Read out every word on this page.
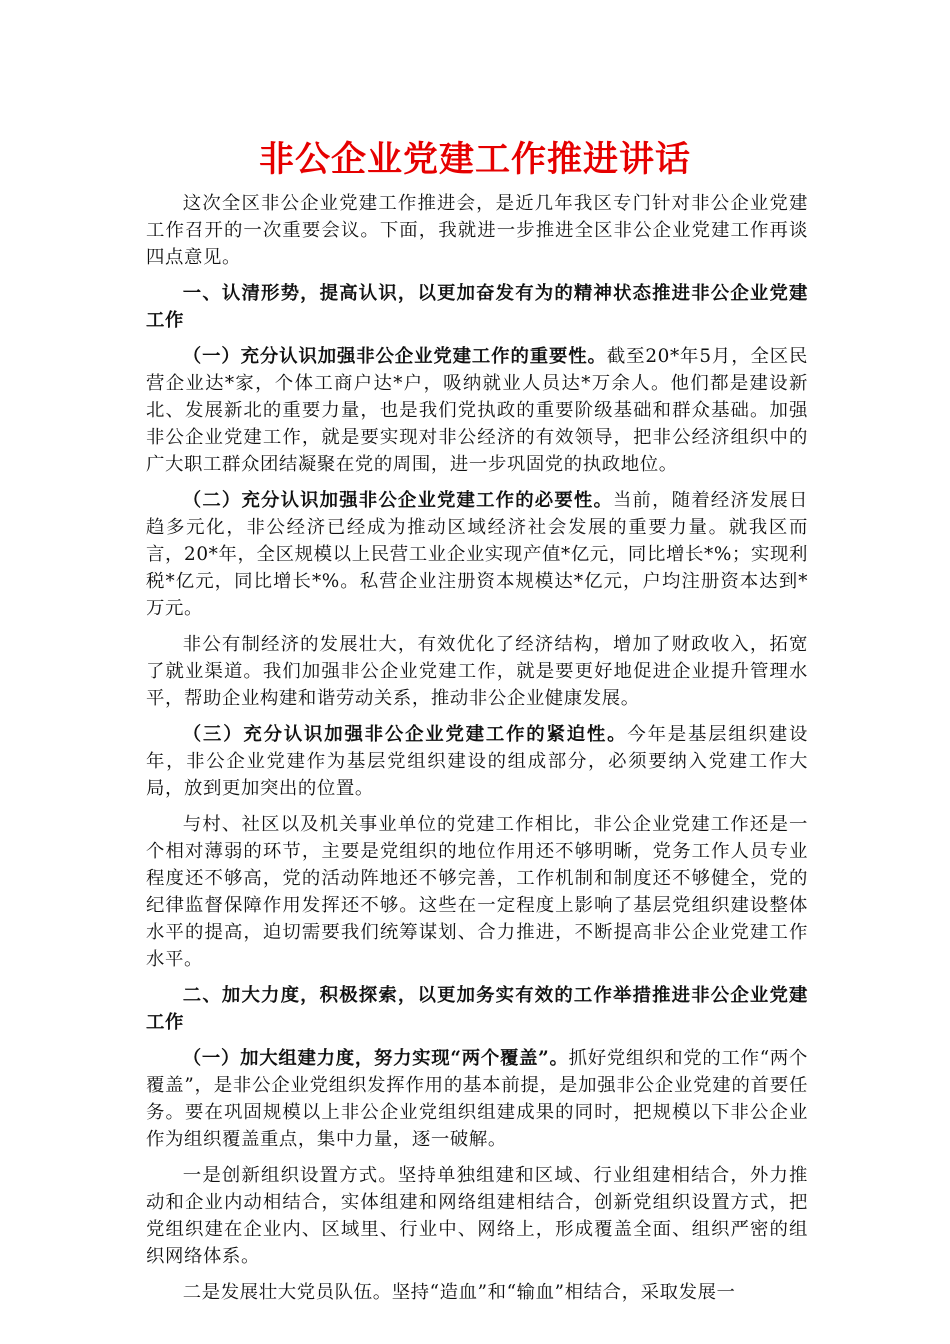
非公企业党建工作推进讲话

这次全区非公企业党建工作推进会，是近几年我区专门针对非公企业党建工作召开的一次重要会议。下面，我就进一步推进全区非公企业党建工作再谈四点意见。

一、认清形势，提高认识，以更加奋发有为的精神状态推进非公企业党建工作

（一）充分认识加强非公企业党建工作的重要性。截至20*年5月，全区民营企业达*家，个体工商户达*户，吸纳就业人员达*万余人。他们都是建设新北、发展新北的重要力量，也是我们党执政的重要阶级基础和群众基础。加强非公企业党建工作，就是要实现对非公经济的有效领导，把非公经济组织中的广大职工群众团结凝聚在党的周围，进一步巩固党的执政地位。

（二）充分认识加强非公企业党建工作的必要性。当前，随着经济发展日趋多元化，非公经济已经成为推动区域经济社会发展的重要力量。就我区而言，20*年，全区规模以上民营工业企业实现产值*亿元，同比增长*%；实现利税*亿元，同比增长*%。私营企业注册资本规模达*亿元，户均注册资本达到*万元。

非公有制经济的发展壮大，有效优化了经济结构，增加了财政收入，拓宽了就业渠道。我们加强非公企业党建工作，就是要更好地促进企业提升管理水平，帮助企业构建和谐劳动关系，推动非公企业健康发展。

（三）充分认识加强非公企业党建工作的紧迫性。今年是基层组织建设年，非公企业党建作为基层党组织建设的组成部分，必须要纳入党建工作大局，放到更加突出的位置。

与村、社区以及机关事业单位的党建工作相比，非公企业党建工作还是一个相对薄弱的环节，主要是党组织的地位作用还不够明晰，党务工作人员专业程度还不够高，党的活动阵地还不够完善，工作机制和制度还不够健全，党的纪律监督保障作用发挥还不够。这些在一定程度上影响了基层党组织建设整体水平的提高，迫切需要我们统筹谋划、合力推进，不断提高非公企业党建工作水平。

二、加大力度，积极探索，以更加务实有效的工作举措推进非公企业党建工作

（一）加大组建力度，努力实现“两个覆盖”。抓好党组织和党的工作“两个覆盖”，是非公企业党组织发挥作用的基本前提，是加强非公企业党建的首要任务。要在巩固规模以上非公企业党组织组建成果的同时，把规模以下非公企业作为组织覆盖重点，集中力量，逐一破解。

一是创新组织设置方式。坚持单独组建和区域、行业组建相结合，外力推动和企业内动相结合，实体组建和网络组建相结合，创新党组织设置方式，把党组织建在企业内、区域里、行业中、网络上，形成覆盖全面、组织严密的组织网络体系。

二是发展壮大党员队伍。坚持“造血”和“输血”相结合，采取发展一
